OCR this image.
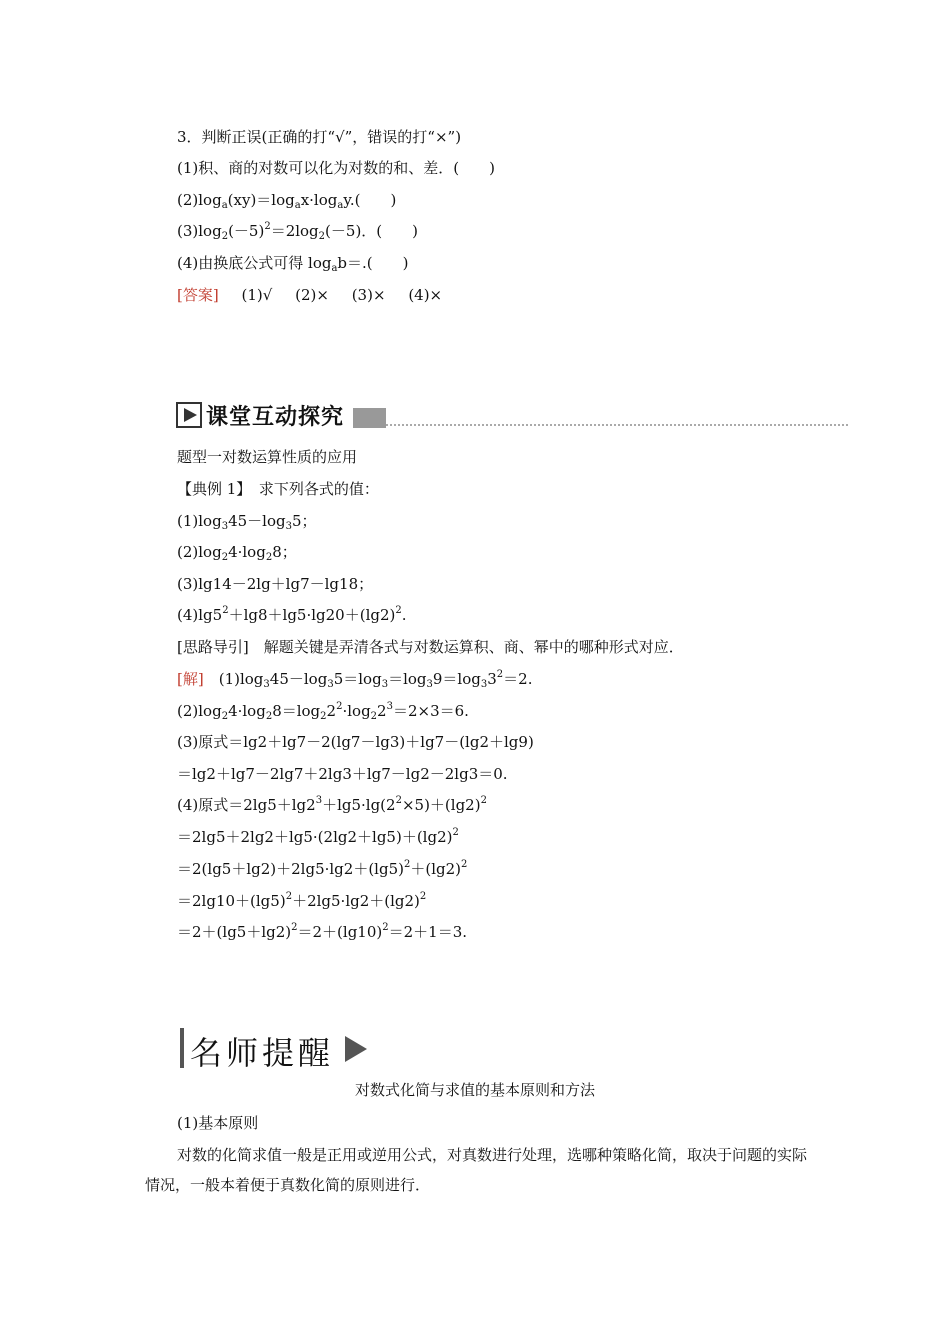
3．判断正误(正确的打“√”，错误的打“×”)
(1)积、商的对数可以化为对数的和、差．(　　)
$(2)\log_a(xy)=\log_ax\cdot\log_ay$.(　　)
$(3)\log_2(-5)^2=2\log_2(-5)$．(　　)
(4)由换底公式可得 $\log_ab=$.(　　)
[答案] (1)√ (2)× (3)× (4)×
课堂互动探究
题型一对数运算性质的应用
【典例 1】　 求下列各式的值：
$(1)\log_345-\log_35$；
$(2)\log_24\cdot\log_28$；
(3)lg14－2lg＋lg7－lg18；
$(4)\lg 5^2+\lg 8+\lg 5\cdot\lg 20+(\lg 2)^2$.
[思路导引]　解题关键是弄清各式与对数运算积、商、幂中的哪种形式对应．
[解]　 $(1)\log_345-\log_35=\log_3=\log_39=\log_33^2=2$.
$(2)\log_24\cdot\log_28=\log_22^2\cdot\log_22^3=2\times 3=6$.
(3)原式＝lg2＋lg7－2(lg7－lg3)＋lg7－(lg2＋lg9)
＝lg2＋lg7－2lg7＋2lg3＋lg7－lg2－2lg3＝0.
(4)原式$=2\lg 5+\lg 2^3+\lg 5\cdot\lg(2^2\times 5)+(\lg 2)^2$
$=2\lg 5+2\lg 2+\lg 5\cdot(2\lg 2+\lg 5)+(\lg 2)^2$
$=2(\lg 5+\lg 2)+2\lg 5\cdot\lg 2+(\lg 5)^2+(\lg 2)^2$
$=2\lg 10+(\lg 5)^2+2\lg 5\cdot\lg 2+(\lg 2)^2$
$=2+(\lg 5+\lg 2)^2=2+(\lg 10)^2=2+1=3$.
名师提醒
对数式化简与求值的基本原则和方法
(1)基本原则
对数的化简求值一般是正用或逆用公式，对真数进行处理，选哪种策略化简，取决于问题的实际情况，一般本着便于真数化简的原则进行．
